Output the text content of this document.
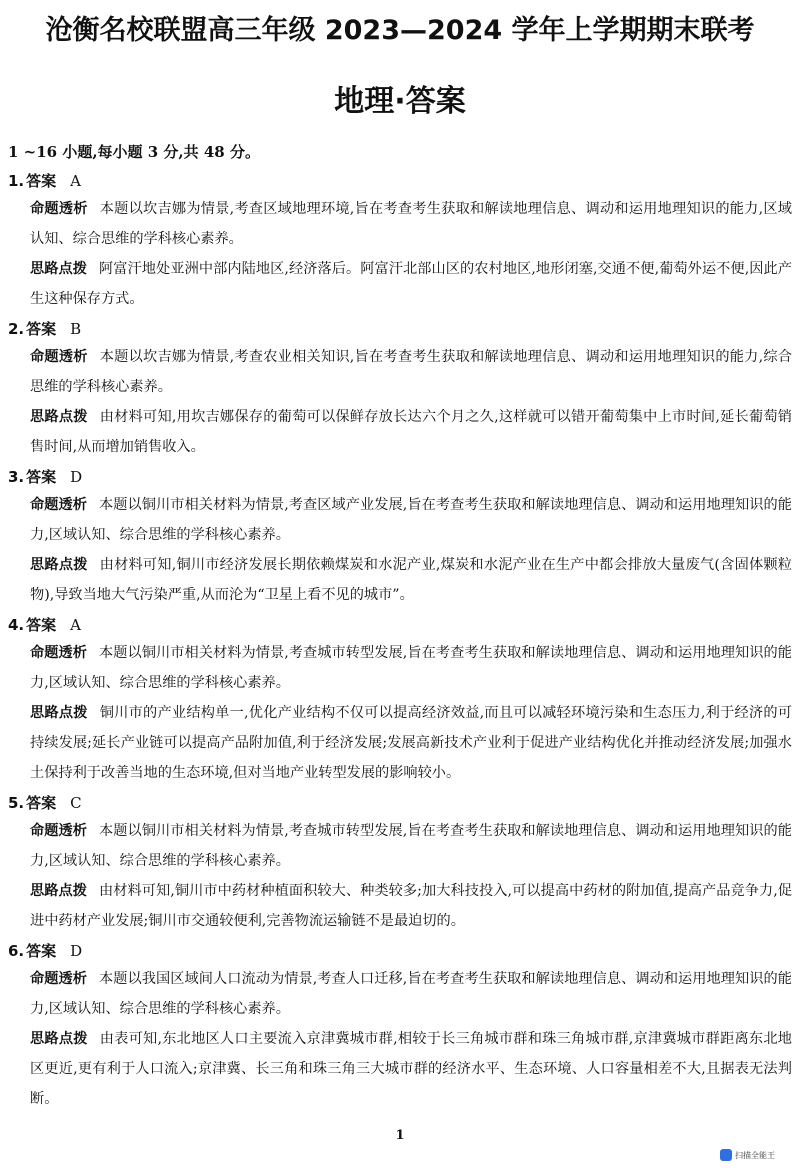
沧衡名校联盟高三年级 2023—2024 学年上学期期末联考
地理·答案
1 ~16 小题,每小题 3 分,共 48 分。
1. 答案 A
命题透析 本题以坎吉娜为情景,考查区域地理环境,旨在考查考生获取和解读地理信息、调动和运用地理知识的能力,区域认知、综合思维的学科核心素养。
思路点拨 阿富汗地处亚洲中部内陆地区,经济落后。阿富汗北部山区的农村地区,地形闭塞,交通不便,葡萄外运不便,因此产生这种保存方式。
2. 答案 B
命题透析 本题以坎吉娜为情景,考查农业相关知识,旨在考查考生获取和解读地理信息、调动和运用地理知识的能力,综合思维的学科核心素养。
思路点拨 由材料可知,用坎吉娜保存的葡萄可以保鲜存放长达六个月之久,这样就可以错开葡萄集中上市时间,延长葡萄销售时间,从而增加销售收入。
3. 答案 D
命题透析 本题以铜川市相关材料为情景,考查区域产业发展,旨在考查考生获取和解读地理信息、调动和运用地理知识的能力,区域认知、综合思维的学科核心素养。
思路点拨 由材料可知,铜川市经济发展长期依赖煤炭和水泥产业,煤炭和水泥产业在生产中都会排放大量废气(含固体颗粒物),导致当地大气污染严重,从而沦为“卫星上看不见的城市”。
4. 答案 A
命题透析 本题以铜川市相关材料为情景,考查城市转型发展,旨在考查考生获取和解读地理信息、调动和运用地理知识的能力,区域认知、综合思维的学科核心素养。
思路点拨 铜川市的产业结构单一,优化产业结构不仅可以提高经济效益,而且可以减轻环境污染和生态压力,利于经济的可持续发展;延长产业链可以提高产品附加值,利于经济发展;发展高新技术产业利于促进产业结构优化并推动经济发展;加强水土保持利于改善当地的生态环境,但对当地产业转型发展的影响较小。
5. 答案 C
命题透析 本题以铜川市相关材料为情景,考查城市转型发展,旨在考查考生获取和解读地理信息、调动和运用地理知识的能力,区域认知、综合思维的学科核心素养。
思路点拨 由材料可知,铜川市中药材种植面积较大、种类较多;加大科技投入,可以提高中药材的附加值,提高产品竞争力,促进中药材产业发展;铜川市交通较便利,完善物流运输链不是最迫切的。
6. 答案 D
命题透析 本题以我国区域间人口流动为情景,考查人口迁移,旨在考查考生获取和解读地理信息、调动和运用地理知识的能力,区域认知、综合思维的学科核心素养。
思路点拨 由表可知,东北地区人口主要流入京津冀城市群,相较于长三角城市群和珠三角城市群,京津冀城市群距离东北地区更近,更有利于人口流入;京津冀、长三角和珠三角三大城市群的经济水平、生态环境、人口容量相差不大,且据表无法判断。
1
扫描全能王
